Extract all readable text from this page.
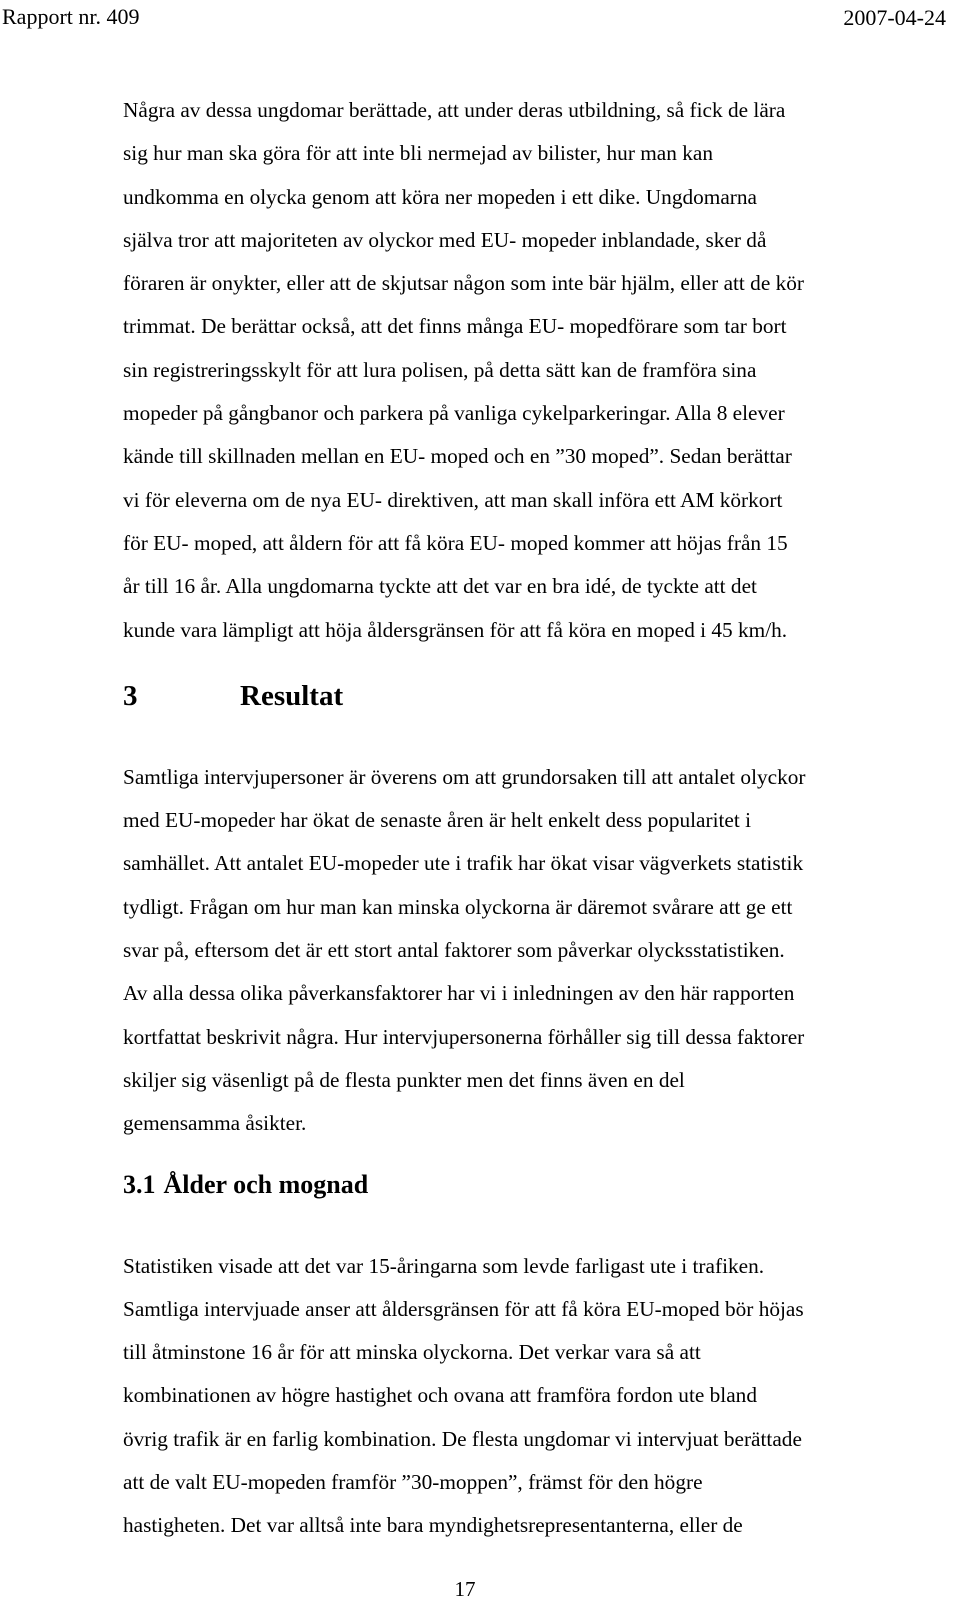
Rapport nr. 409	2007-04-24

Några av dessa ungdomar berättade, att under deras utbildning, så fick de lära
sig hur man ska göra för att inte bli nermejad av bilister, hur man kan
undkomma en olycka genom att köra ner mopeden i ett dike. Ungdomarna
själva tror att majoriteten av olyckor med EU- mopeder inblandade, sker då
föraren är onykter, eller att de skjutsar någon som inte bär hjälm, eller att de kör
trimmat. De berättar också, att det finns många EU- mopedförare som tar bort
sin registreringsskylt för att lura polisen, på detta sätt kan de framföra sina
mopeder på gångbanor och parkera på vanliga cykelparkeringar. Alla 8 elever
kände till skillnaden mellan en EU- moped och en ”30 moped”. Sedan berättar
vi för eleverna om de nya EU- direktiven, att man skall införa ett AM körkort
för EU- moped, att åldern för att få köra EU- moped kommer att höjas från 15
år till 16 år. Alla ungdomarna tyckte att det var en bra idé, de tyckte att det
kunde vara lämpligt att höja åldersgränsen för att få köra en moped i 45 km/h.

3	Resultat

Samtliga intervjupersoner är överens om att grundorsaken till att antalet olyckor
med EU-mopeder har ökat de senaste åren är helt enkelt dess popularitet i
samhället. Att antalet EU-mopeder ute i trafik har ökat visar vägverkets statistik
tydligt. Frågan om hur man kan minska olyckorna är däremot svårare att ge ett
svar på, eftersom det är ett stort antal faktorer som påverkar olycksstatistiken.
Av alla dessa olika påverkansfaktorer har vi i inledningen av den här rapporten
kortfattat beskrivit några. Hur intervjupersonerna förhåller sig till dessa faktorer
skiljer sig väsenligt på de flesta punkter men det finns även en del
gemensamma åsikter.

3.1 Ålder och mognad

Statistiken visade att det var 15-åringarna som levde farligast ute i trafiken.
Samtliga intervjuade anser att åldersgränsen för att få köra EU-moped bör höjas
till åtminstone 16 år för att minska olyckorna. Det verkar vara så att
kombinationen av högre hastighet och ovana att framföra fordon ute bland
övrig trafik är en farlig kombination. De flesta ungdomar vi intervjuat berättade
att de valt EU-mopeden framför ”30-moppen”, främst för den högre
hastigheten. Det var alltså inte bara myndighetsrepresentanterna, eller de

17
